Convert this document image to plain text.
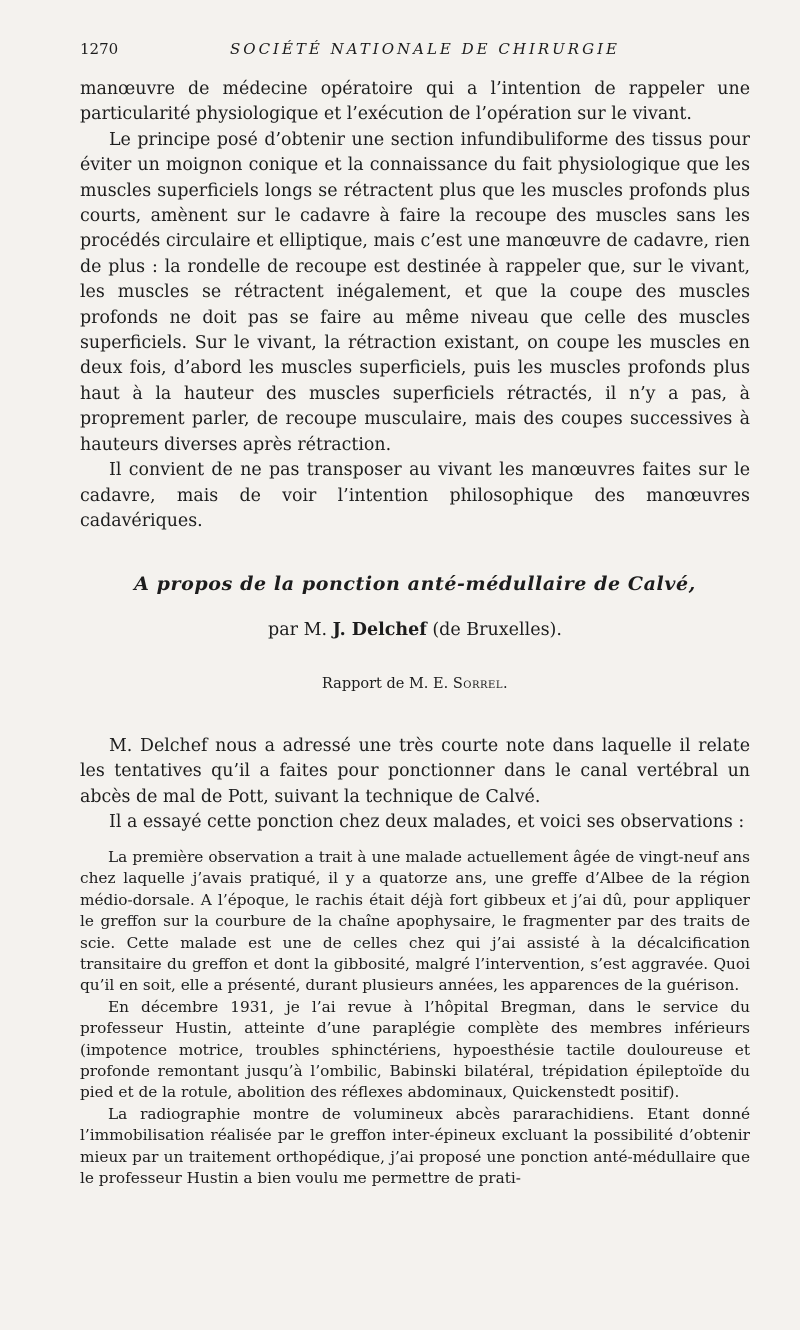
1270	SOCIÉTÉ NATIONALE DE CHIRURGIE

manœuvre de médecine opératoire qui a l’intention de rappeler une particularité physiologique et l’exécution de l’opération sur le vivant.

Le principe posé d’obtenir une section infundibuliforme des tissus pour éviter un moignon conique et la connaissance du fait physiologique que les muscles superficiels longs se rétractent plus que les muscles profonds plus courts, amènent sur le cadavre à faire la recoupe des muscles sans les procédés circulaire et elliptique, mais c’est une manœuvre de cadavre, rien de plus : la rondelle de recoupe est destinée à rappeler que, sur le vivant, les muscles se rétractent inégalement, et que la coupe des muscles profonds ne doit pas se faire au même niveau que celle des muscles superficiels. Sur le vivant, la rétraction existant, on coupe les muscles en deux fois, d’abord les muscles superficiels, puis les muscles profonds plus haut à la hauteur des muscles superficiels rétractés, il n’y a pas, à proprement parler, de recoupe musculaire, mais des coupes successives à hauteurs diverses après rétraction.

Il convient de ne pas transposer au vivant les manœuvres faites sur le cadavre, mais de voir l’intention philosophique des manœuvres cadavériques.

A propos de la ponction anté-médullaire de Calvé,
par M. J. Delchef (de Bruxelles).
Rapport de M. E. Sorrel.

M. Delchef nous a adressé une très courte note dans laquelle il relate les tentatives qu’il a faites pour ponctionner dans le canal vertébral un abcès de mal de Pott, suivant la technique de Calvé.

Il a essayé cette ponction chez deux malades, et voici ses observations :

La première observation a trait à une malade actuellement âgée de vingt-neuf ans chez laquelle j’avais pratiqué, il y a quatorze ans, une greffe d’Albee de la région médio-dorsale. A l’époque, le rachis était déjà fort gibbeux et j’ai dû, pour appliquer le greffon sur la courbure de la chaîne apophysaire, le fragmenter par des traits de scie. Cette malade est une de celles chez qui j’ai assisté à la décalcification transitaire du greffon et dont la gibbosité, malgré l’intervention, s’est aggravée. Quoi qu’il en soit, elle a présenté, durant plusieurs années, les apparences de la guérison.

En décembre 1931, je l’ai revue à l’hôpital Bregman, dans le service du professeur Hustin, atteinte d’une paraplégie complète des membres inférieurs (impotence motrice, troubles sphinctériens, hypoesthésie tactile douloureuse et profonde remontant jusqu’à l’ombilic, Babinski bilatéral, trépidation épileptoïde du pied et de la rotule, abolition des réflexes abdominaux, Quickenstedt positif).

La radiographie montre de volumineux abcès pararachidiens. Etant donné l’immobilisation réalisée par le greffon inter-épineux excluant la possibilité d’obtenir mieux par un traitement orthopédique, j’ai proposé une ponction anté-médullaire que le professeur Hustin a bien voulu me permettre de prati-
